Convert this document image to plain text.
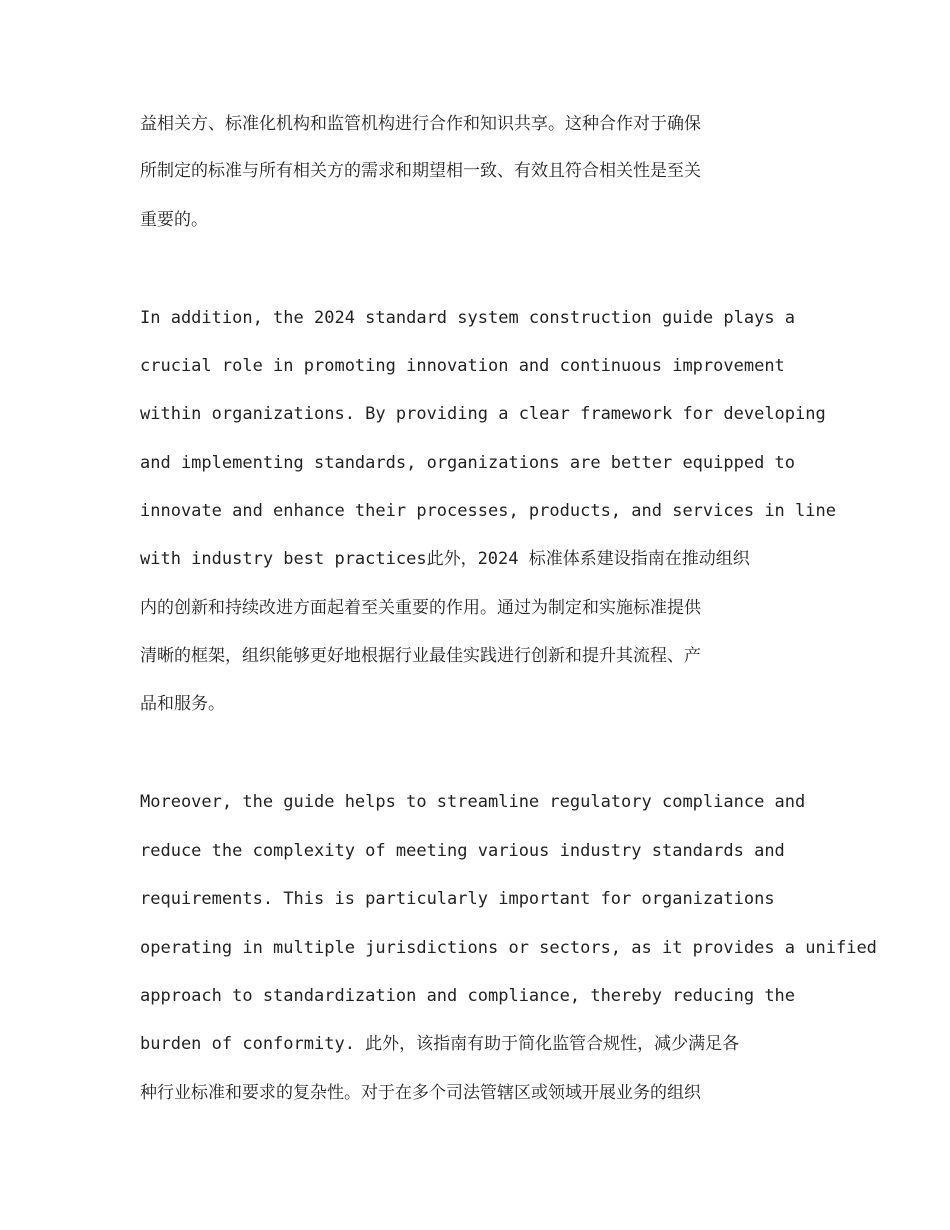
益相关方、标准化机构和监管机构进行合作和知识共享。这种合作对于确保
所制定的标准与所有相关方的需求和期望相一致、有效且符合相关性是至关
重要的。
In addition, the 2024 standard system construction guide plays a
crucial role in promoting innovation and continuous improvement
within organizations. By providing a clear framework for developing
and implementing standards, organizations are better equipped to
innovate and enhance their processes, products, and services in line
with industry best practices此外，2024 标准体系建设指南在推动组织
内的创新和持续改进方面起着至关重要的作用。通过为制定和实施标准提供
清晰的框架，组织能够更好地根据行业最佳实践进行创新和提升其流程、产
品和服务。
Moreover, the guide helps to streamline regulatory compliance and
reduce the complexity of meeting various industry standards and
requirements. This is particularly important for organizations
operating in multiple jurisdictions or sectors, as it provides a unified
approach to standardization and compliance, thereby reducing the
burden of conformity. 此外，该指南有助于简化监管合规性，减少满足各
种行业标准和要求的复杂性。对于在多个司法管辖区或领域开展业务的组织
